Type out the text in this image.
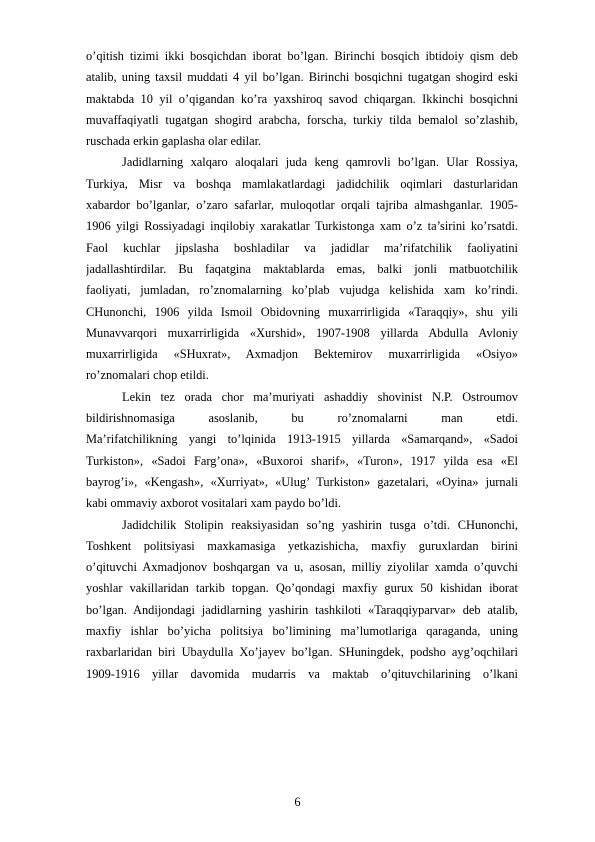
o’qitish tizimi ikki bosqichdan iborat bo’lgan. Birinchi bosqich ibtidoiy qism deb
atalib, uning taxsil muddati 4 yil bo’lgan. Birinchi bosqichni tugatgan shogird eski
maktabda 10 yil o’qigandan ko’ra yaxshiroq savod chiqargan. Ikkinchi bosqichni
muvaffaqiyatli tugatgan shogird arabcha, forscha, turkiy tilda bemalol so’zlashib,
ruschada erkin gaplasha olar edilar.
Jadidlarning xalqaro aloqalari juda keng qamrovli bo’lgan. Ular Rossiya,
Turkiya, Misr va boshqa mamlakatlardagi jadidchilik oqimlari dasturlaridan
xabardor bo’lganlar, o’zaro safarlar, muloqotlar orqali tajriba almashganlar. 1905-
1906 yilgi Rossiyadagi inqilobiy xarakatlar Turkistonga xam o’z ta’sirini ko’rsatdi.
Faol kuchlar jipslasha boshladilar va jadidlar ma’rifatchilik faoliyatini
jadallashtirdilar. Bu faqatgina maktablarda emas, balki jonli matbuotchilik
faoliyati, jumladan, ro’znomalarning ko’plab vujudga kelishida xam ko’rindi.
CHunonchi, 1906 yilda Ismoil Obidovning muxarrirligida «Taraqqiy», shu yili
Munavvarqori muxarrirligida «Xurshid», 1907-1908 yillarda Abdulla Avloniy
muxarrirligida «SHuxrat», Axmadjon Bektemirov muxarrirligida «Osiyo»
ro’znomalari chop etildi.
Lekin tez orada chor ma’muriyati ashaddiy shovinist N.P. Ostroumov
bildirishnomasiga asoslanib, bu ro’znomalarni man etdi.
Ma’rifatchilikning yangi to’lqinida 1913-1915 yillarda «Samarqand», «Sadoi
Turkiston», «Sadoi Farg’ona», «Buxoroi sharif», «Turon», 1917 yilda esa «El
bayrog’i», «Kengash», «Xurriyat», «Ulug’ Turkiston» gazetalari, «Oyina» jurnali
kabi ommaviy axborot vositalari xam paydo bo’ldi.
Jadidchilik Stolipin reaksiyasidan so’ng yashirin tusga o’tdi. CHunonchi,
Toshkent politsiyasi maxkamasiga yetkazishicha, maxfiy guruxlardan birini
o’qituvchi Axmadjonov boshqargan va u, asosan, milliy ziyolilar xamda o’quvchi
yoshlar vakillaridan tarkib topgan. Qo’qondagi maxfiy gurux 50 kishidan iborat
bo’lgan. Andijondagi jadidlarning yashirin tashkiloti «Taraqqiyparvar» deb atalib,
maxfiy ishlar bo’yicha politsiya bo’limining ma’lumotlariga qaraganda, uning
raxbarlaridan biri Ubaydulla Xo’jayev bo’lgan. SHuningdek, podsho ayg’oqchilari
1909-1916 yillar davomida mudarris va maktab o’qituvchilarining o’lkani
6
